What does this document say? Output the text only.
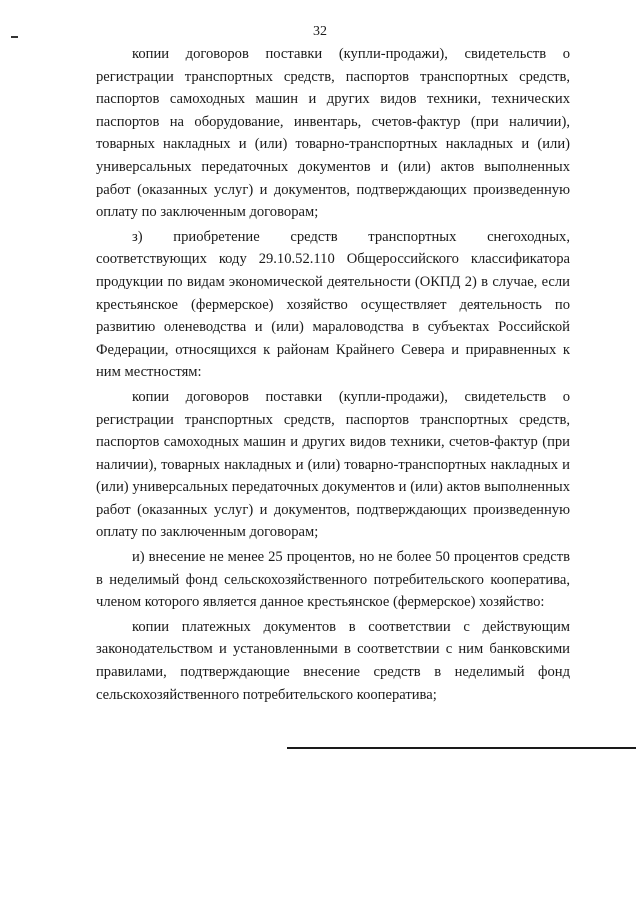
32

копии договоров поставки (купли-продажи), свидетельств о регистрации транспортных средств, паспортов транспортных средств, паспортов самоходных машин и других видов техники, технических паспортов на оборудование, инвентарь, счетов-фактур (при наличии), товарных накладных и (или) товарно-транспортных накладных и (или) универсальных передаточных документов и (или) актов выполненных работ (оказанных услуг) и документов, подтверждающих произведенную оплату по заключенным договорам;

з) приобретение средств транспортных снегоходных, соответствующих коду 29.10.52.110 Общероссийского классификатора продукции по видам экономической деятельности (ОКПД 2) в случае, если крестьянское (фермерское) хозяйство осуществляет деятельность по развитию оленеводства и (или) мараловодства в субъектах Российской Федерации, относящихся к районам Крайнего Севера и приравненных к ним местностям:

копии договоров поставки (купли-продажи), свидетельств о регистрации транспортных средств, паспортов транспортных средств, паспортов самоходных машин и других видов техники, счетов-фактур (при наличии), товарных накладных и (или) товарно-транспортных накладных и (или) универсальных передаточных документов и (или) актов выполненных работ (оказанных услуг) и документов, подтверждающих произведенную оплату по заключенным договорам;

и) внесение не менее 25 процентов, но не более 50 процентов средств в неделимый фонд сельскохозяйственного потребительского кооператива, членом которого является данное крестьянское (фермерское) хозяйство:

копии платежных документов в соответствии с действующим законодательством и установленными в соответствии с ним банковскими правилами, подтверждающие внесение средств в неделимый фонд сельскохозяйственного потребительского кооператива;
